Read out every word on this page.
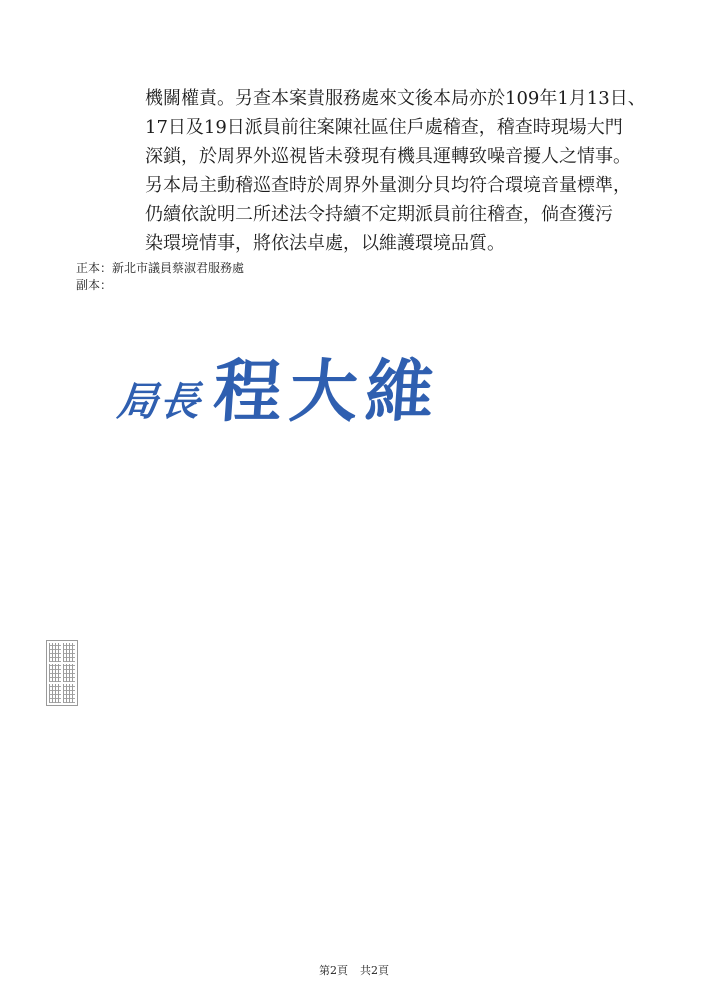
機關權責。另查本案貴服務處來文後本局亦於109年1月13日、
17日及19日派員前往案陳社區住戶處稽查，稽查時現場大門
深鎖，於周界外巡視皆未發現有機具運轉致噪音擾人之情事。
另本局主動稽巡查時於周界外量測分貝均符合環境音量標準，
仍續依說明二所述法令持續不定期派員前往稽查，倘查獲污
染環境情事，將依法卓處，以維護環境品質。
正本：新北市議員蔡淑君服務處
副本：
局長程大維
第2頁 共2頁
